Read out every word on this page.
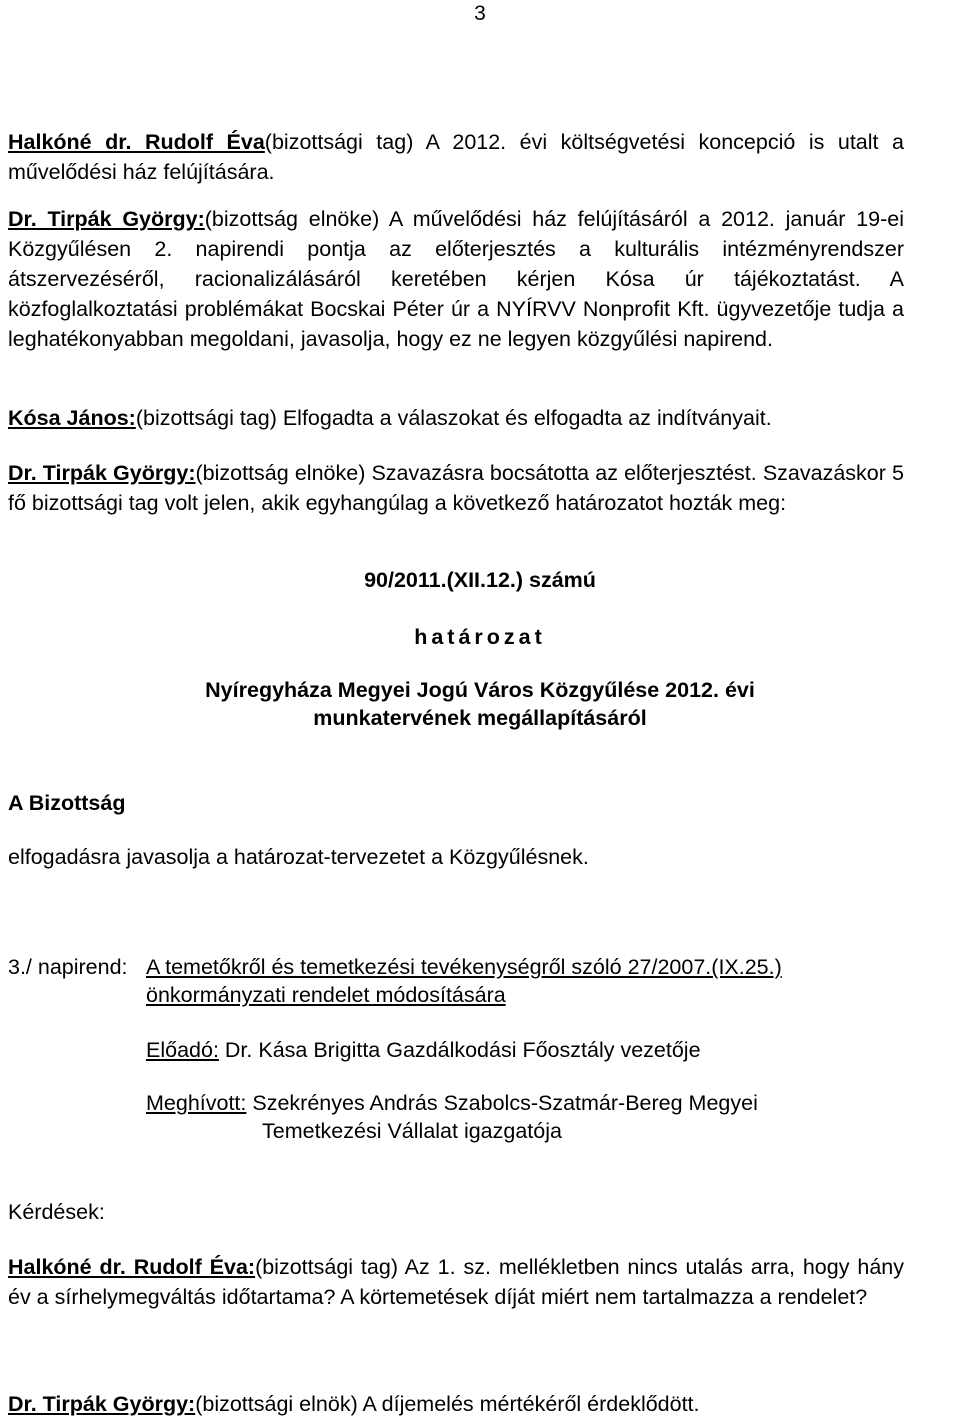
3
Halkóné dr. Rudolf Éva(bizottsági tag) A 2012. évi költségvetési koncepció is utalt a művelődési ház felújítására.
Dr. Tirpák György:(bizottság elnöke) A művelődési ház felújításáról a 2012. január 19-ei Közgyűlésen 2. napirendi pontja az előterjesztés a kulturális intézményrendszer átszervezéséről, racionalizálásáról keretében kérjen Kósa úr tájékoztatást. A közfoglalkoztatási problémákat Bocskai Péter úr a NYÍRVV Nonprofit Kft. ügyvezetője tudja a leghatékonyabban megoldani, javasolja, hogy ez ne legyen közgyűlési napirend.
Kósa János:(bizottsági tag) Elfogadta a válaszokat és elfogadta az indítványait.
Dr. Tirpák György:(bizottság elnöke) Szavazásra bocsátotta az előterjesztést. Szavazáskor 5 fő bizottsági tag volt jelen, akik egyhangúlag a következő határozatot hozták meg:
90/2011.(XII.12.) számú
határozat
Nyíregyháza Megyei Jogú Város Közgyűlése 2012. évi
munkatervének megállapításáról
A Bizottság
elfogadásra javasolja a határozat-tervezetet a Közgyűlésnek.
3./ napirend: A temetőkről és temetkezési tevékenységről szóló 27/2007.(IX.25.)
önkormányzati rendelet módosítására
Előadó: Dr. Kása Brigitta Gazdálkodási Főosztály vezetője
Meghívott: Szekrényes András Szabolcs-Szatmár-Bereg Megyei
Temetkezési Vállalat igazgatója
Kérdések:
Halkóné dr. Rudolf Éva:(bizottsági tag) Az 1. sz. mellékletben nincs utalás arra, hogy hány év a sírhelymegváltás időtartama? A körtemetések díját miért nem tartalmazza a rendelet?
Dr. Tirpák György:(bizottsági elnök) A díjemelés mértékéről érdeklődött.
